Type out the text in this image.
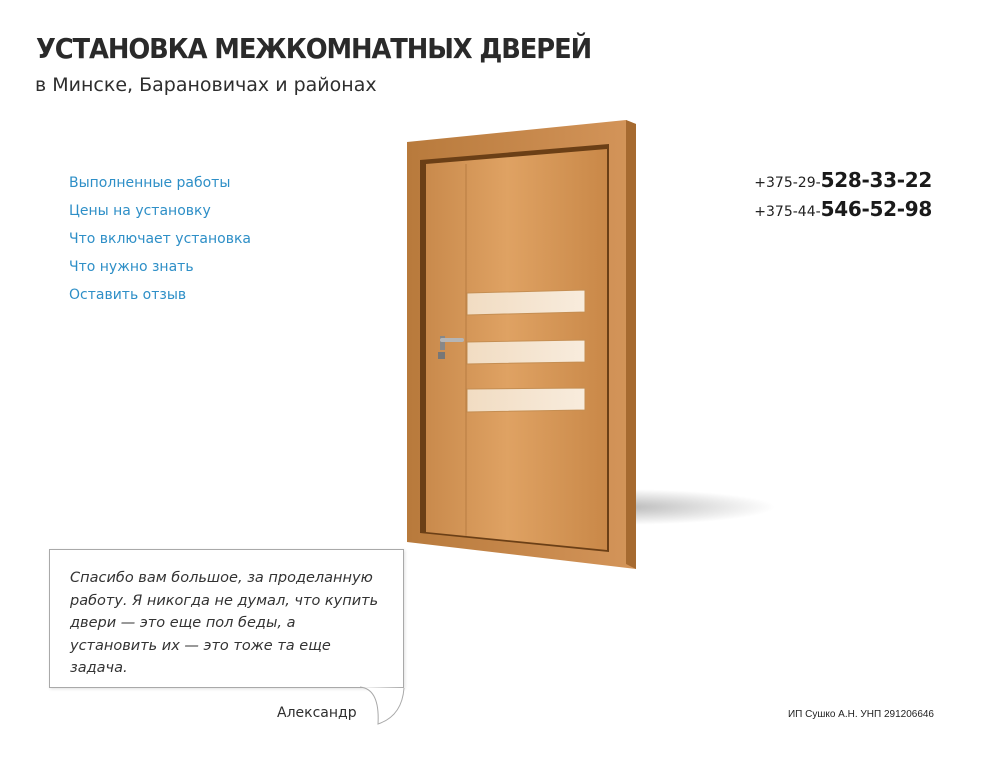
УСТАНОВКА МЕЖКОМНАТНЫХ ДВЕРЕЙ
в Минске, Барановичах и районах
Выполненные работы
Цены на установку
Что включает установка
Что нужно знать
Оставить отзыв
+375-29-528-33-22
+375-44-546-52-98

Спасибо вам большое, за проделанную работу. Я никогда не думал, что купить двери — это еще пол беды, а установить их — это тоже та еще задача.

Александр	ИП Сушко А.Н. УНП 291206646
